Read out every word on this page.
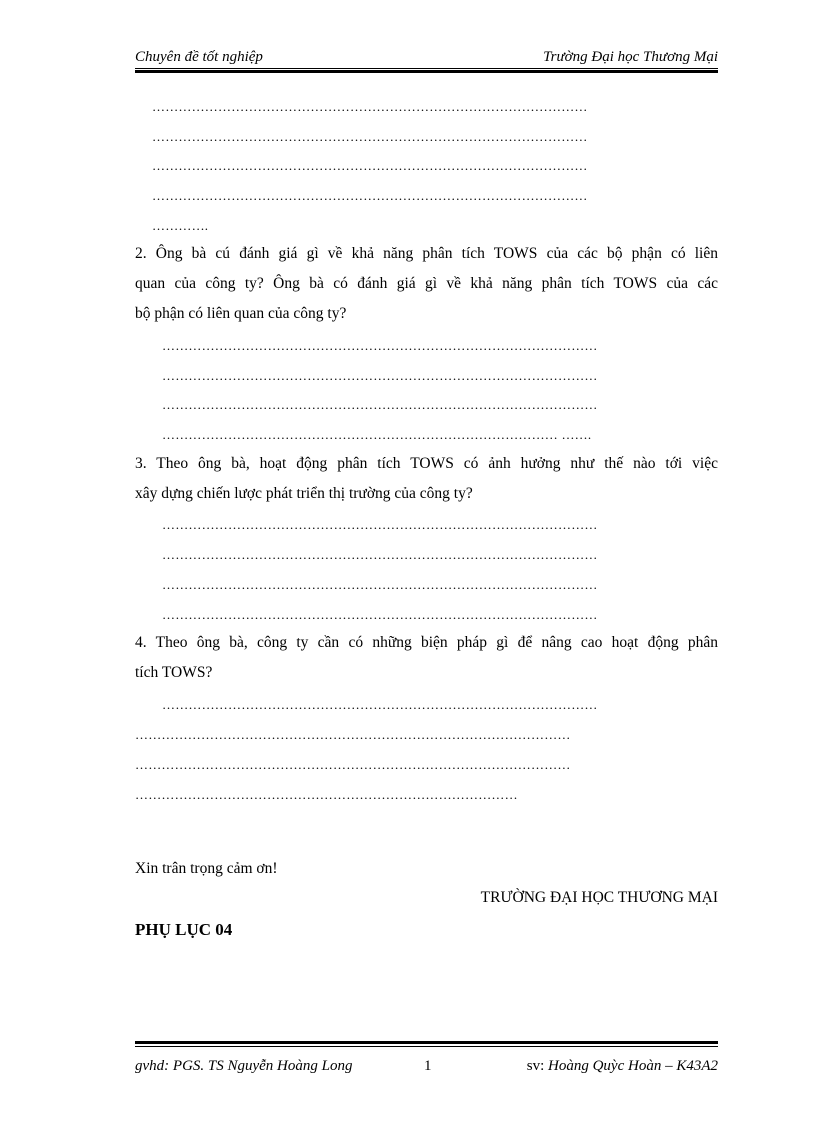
Chuyên đề tốt nghiệp	Trường Đại học Thương Mại
………………………………………………………………………………………
………………………………………………………………………………………
………………………………………………………………………………………
………………………………………………………………………………………
………….
2. Ông bà cú đánh giá gì về khả năng phân tích TOWS của các bộ phận có liên
quan của công ty? Ông bà có đánh giá gì về khả năng phân tích TOWS của các
bộ phận có liên quan của công ty?
………………………………………………………………………………………
………………………………………………………………………………………
………………………………………………………………………………………
……………………………………………………………………………… …….
3. Theo ông bà, hoạt động phân tích TOWS có ảnh hưởng như thế nào tới việc
xây dựng chiến lược phát triển thị trường của công ty?
………………………………………………………………………………………
………………………………………………………………………………………
………………………………………………………………………………………
………………………………………………………………………………………
4. Theo ông bà, công ty cần có những biện pháp gì để nâng cao hoạt động phân
tích TOWS?
………………………………………………………………………………………
………………………………………………………………………………………
………………………………………………………………………………………
……………………………………………………………………………
Xin trân trọng cảm ơn!
TRƯỜNG ĐẠI HỌC THƯƠNG MẠI
PHỤ LỤC 04
gvhd: PGS. TS Nguyễn Hoàng Long	1	sv: Hoàng Quỳc Hoàn – K43A2
